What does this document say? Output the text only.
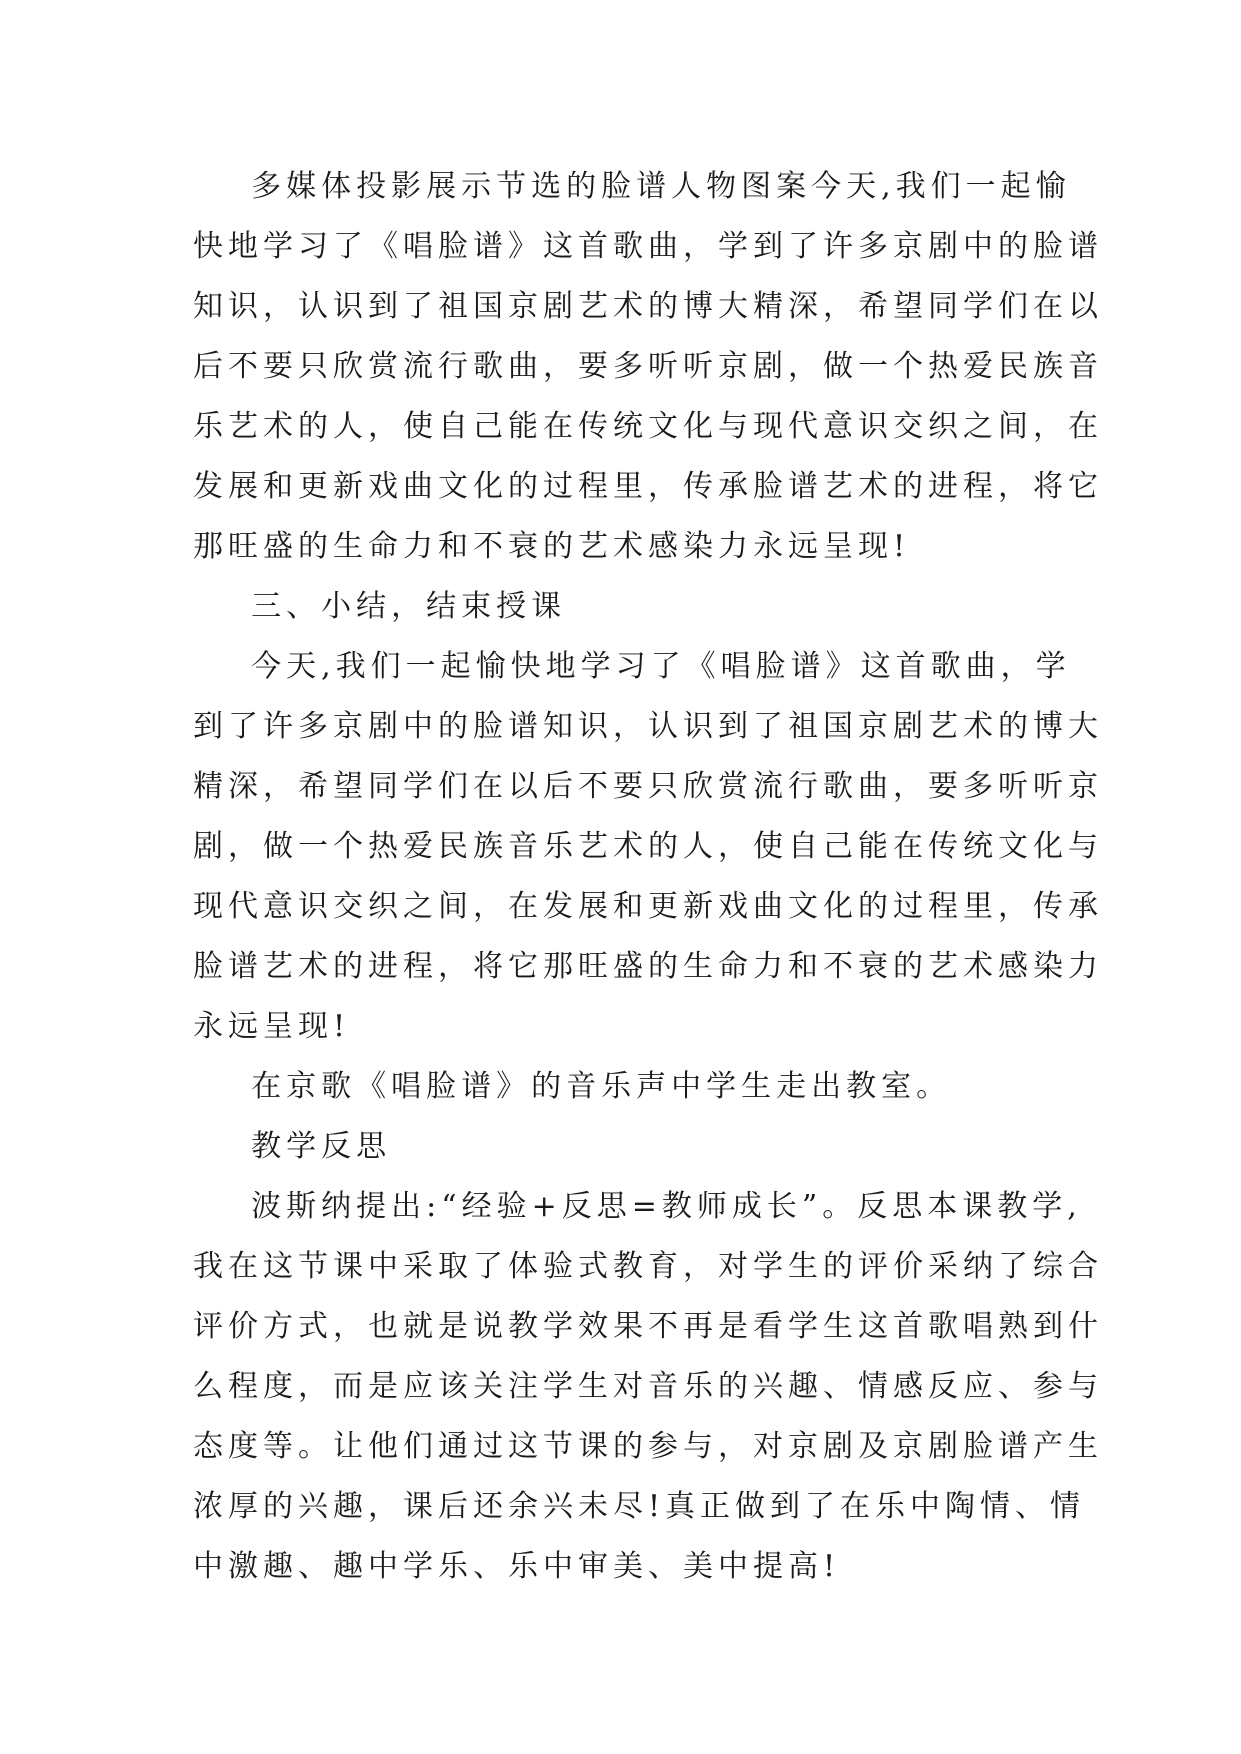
多媒体投影展示节选的脸谱人物图案今天,我们一起愉
快地学习了《唱脸谱》这首歌曲，学到了许多京剧中的脸谱
知识，认识到了祖国京剧艺术的博大精深，希望同学们在以
后不要只欣赏流行歌曲，要多听听京剧，做一个热爱民族音
乐艺术的人，使自己能在传统文化与现代意识交织之间，在
发展和更新戏曲文化的过程里，传承脸谱艺术的进程，将它
那旺盛的生命力和不衰的艺术感染力永远呈现!
三、小结，结束授课
今天,我们一起愉快地学习了《唱脸谱》这首歌曲，学
到了许多京剧中的脸谱知识，认识到了祖国京剧艺术的博大
精深，希望同学们在以后不要只欣赏流行歌曲，要多听听京
剧，做一个热爱民族音乐艺术的人，使自己能在传统文化与
现代意识交织之间，在发展和更新戏曲文化的过程里，传承
脸谱艺术的进程，将它那旺盛的生命力和不衰的艺术感染力
永远呈现!
在京歌《唱脸谱》的音乐声中学生走出教室。
教学反思
波斯纳提出:“经验+反思=教师成长”。反思本课教学,
我在这节课中采取了体验式教育，对学生的评价采纳了综合
评价方式，也就是说教学效果不再是看学生这首歌唱熟到什
么程度，而是应该关注学生对音乐的兴趣、情感反应、参与
态度等。让他们通过这节课的参与，对京剧及京剧脸谱产生
浓厚的兴趣，课后还余兴未尽!真正做到了在乐中陶情、情
中激趣、趣中学乐、乐中审美、美中提高!
